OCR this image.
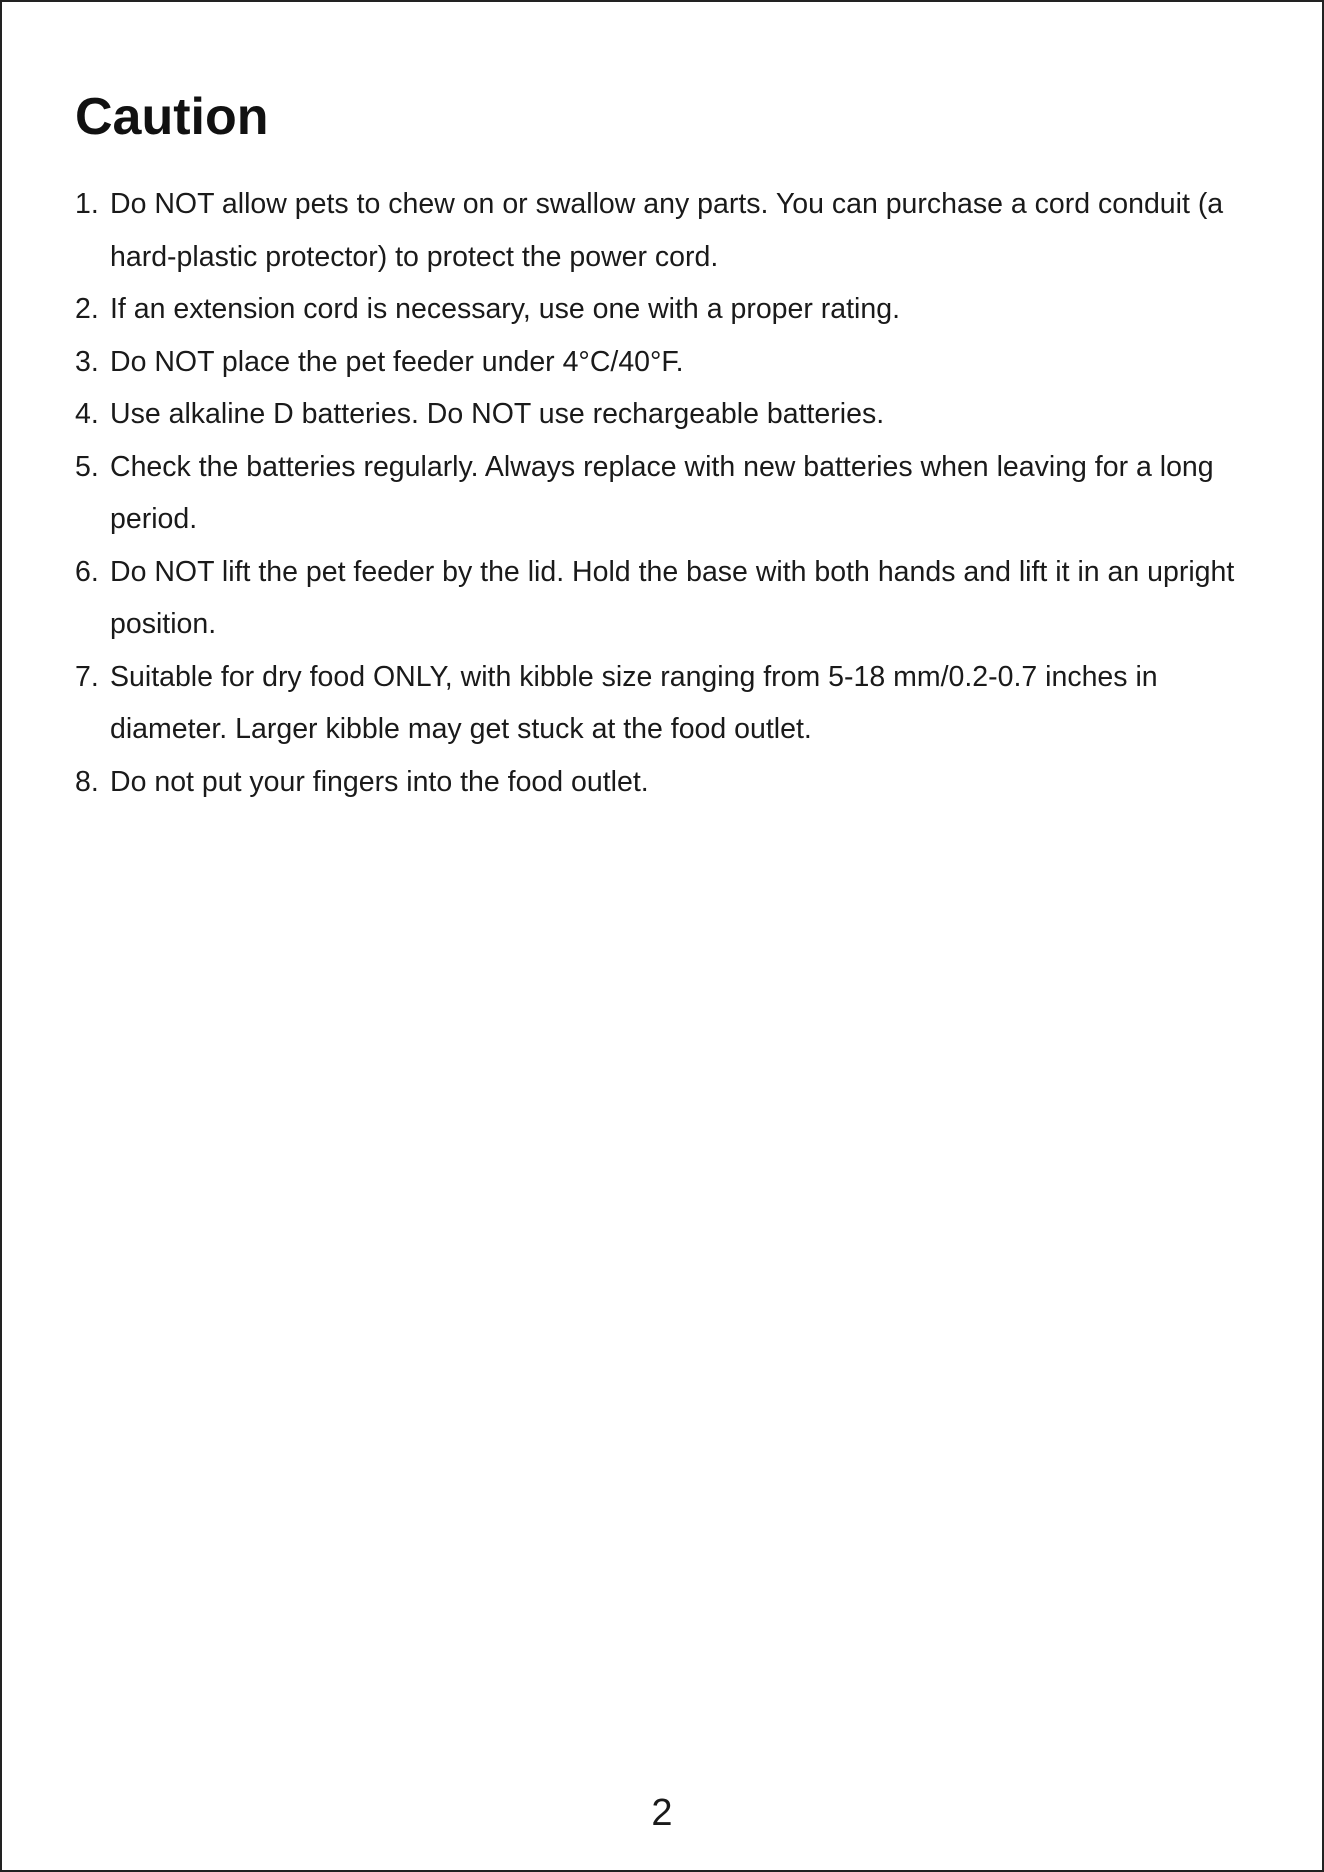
Caution
1. Do NOT allow pets to chew on or swallow any parts. You can purchase a cord conduit (a hard-plastic protector) to protect the power cord.
2. If an extension cord is necessary, use one with a proper rating.
3. Do NOT place the pet feeder under 4°C/40°F.
4. Use alkaline D batteries. Do NOT use rechargeable batteries.
5. Check the batteries regularly. Always replace with new batteries when leaving for a long period.
6. Do NOT lift the pet feeder by the lid. Hold the base with both hands and lift it in an upright position.
7. Suitable for dry food ONLY, with kibble size ranging from 5-18 mm/0.2-0.7 inches in diameter. Larger kibble may get stuck at the food outlet.
8. Do not put your fingers into the food outlet.
2
